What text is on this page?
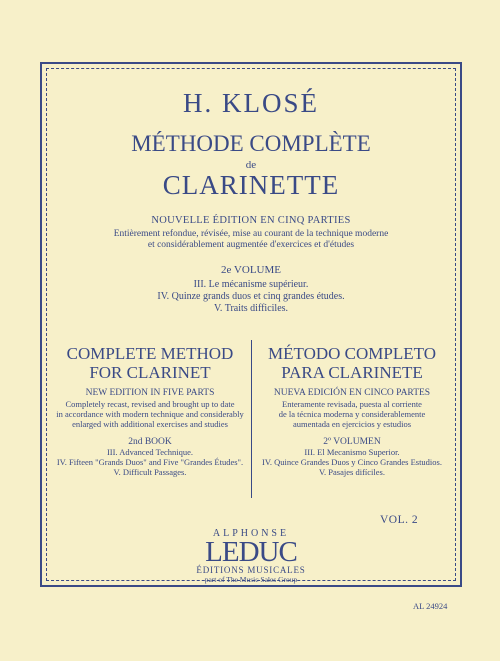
H. KLOSÉ
MÉTHODE COMPLÈTE
de
CLARINETTE
NOUVELLE ÉDITION EN CINQ PARTIES
Entièrement refondue, révisée, mise au courant de la technique moderne
et considérablement augmentée d'exercices et d'études
2e VOLUME
III. Le mécanisme supérieur.
IV. Quinze grands duos et cinq grandes études.
V. Traits difficiles.
COMPLETE METHOD
FOR CLARINET
NEW EDITION IN FIVE PARTS
Completely recast, revised and brought up to date
in accordance with modern technique and considerably
enlarged with additional exercises and studies
2nd BOOK
III. Advanced Technique.
IV. Fifteen "Grands Duos" and Five "Grandes Études".
V. Difficult Passages.
MÉTODO COMPLETO
PARA CLARINETE
NUEVA EDICIÓN EN CINCO PARTES
Enteramente revisada, puesta al corriente
de la técnica moderna y considerablemente
aumentada en ejercicios y estudios
2º VOLUMEN
III. El Mecanismo Superior.
IV. Quince Grandes Duos y Cinco Grandes Estudios.
V. Pasajes difíciles.
VOL. 2
ALPHONSE
LEDUC
ÉDITIONS MUSICALES
part of The Music Sales Group
AL 24924
